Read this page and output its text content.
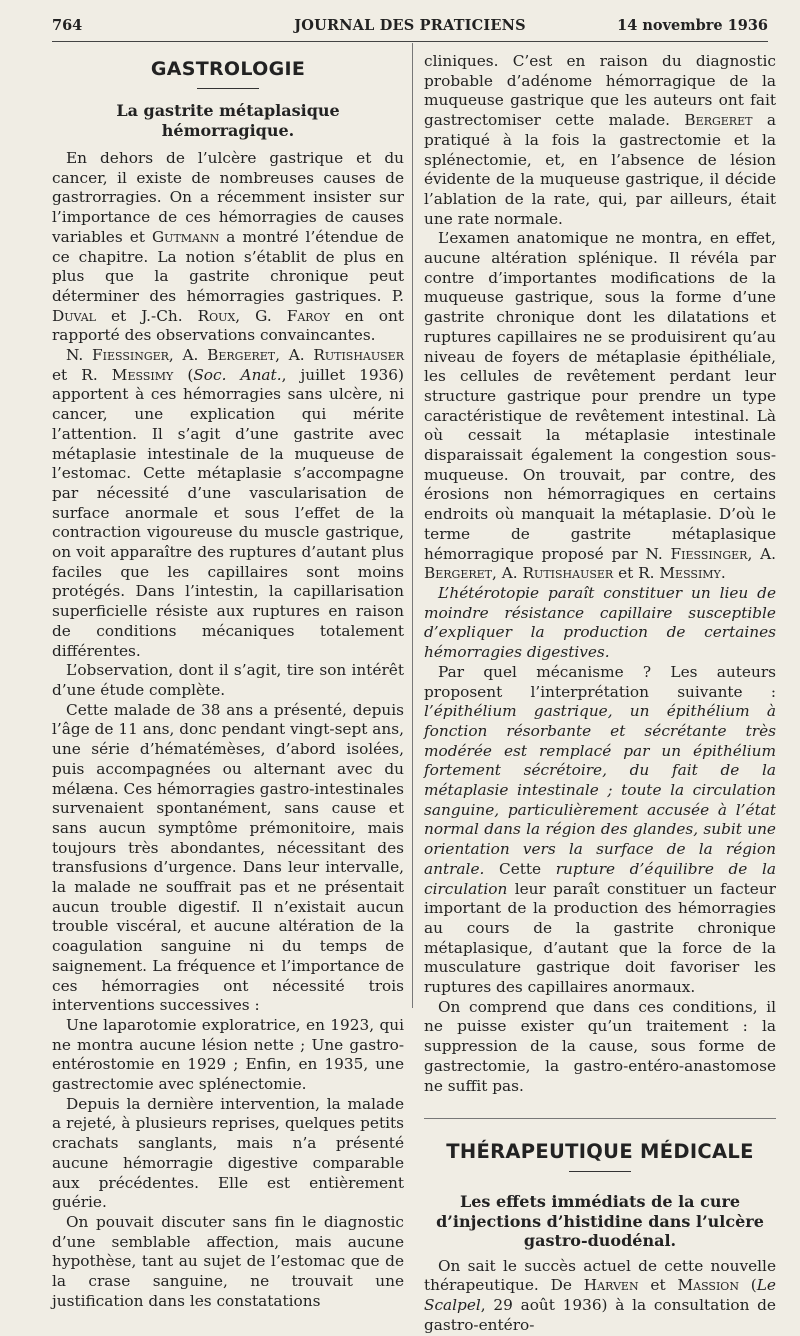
764	JOURNAL DES PRATICIENS	14 novembre 1936
GASTROLOGIE
La gastrite métaplasique hémorragique.

En dehors de l’ulcère gastrique et du cancer, il existe de nombreuses causes de gastrorragies. On a récemment insister sur l’importance de ces hémorragies de causes variables et Gutmann a montré l’étendue de ce chapitre. La notion s’établit de plus en plus que la gastrite chronique peut déterminer des hémorragies gastriques. P. Duval et J.-Ch. Roux, G. Faroy en ont rapporté des observations convaincantes.

N. Fiessinger, A. Bergeret, A. Rutishauser et R. Messimy (Soc. Anat., juillet 1936) apportent à ces hémorragies sans ulcère, ni cancer, une explication qui mérite l’attention. Il s’agit d’une gastrite avec métaplasie intestinale de la muqueuse de l’estomac. Cette métaplasie s’accompagne par nécessité d’une vascularisation de surface anormale et sous l’effet de la contraction vigoureuse du muscle gastrique, on voit apparaître des ruptures d’autant plus faciles que les capillaires sont moins protégés. Dans l’intestin, la capillarisation superficielle résiste aux ruptures en raison de conditions mécaniques totalement différentes.

L’observation, dont il s’agit, tire son intérêt d’une étude complète.

Cette malade de 38 ans a présenté, depuis l’âge de 11 ans, donc pendant vingt-sept ans, une série d’hématémèses, d’abord isolées, puis accompagnées ou alternant avec du mélæna. Ces hémorragies gastro-intestinales survenaient spontanément, sans cause et sans aucun symptôme prémonitoire, mais toujours très abondantes, nécessitant des transfusions d’urgence. Dans leur intervalle, la malade ne souffrait pas et ne présentait aucun trouble digestif. Il n’existait aucun trouble viscéral, et aucune altération de la coagulation sanguine ni du temps de saignement. La fréquence et l’importance de ces hémorragies ont nécessité trois interventions successives :

Une laparotomie exploratrice, en 1923, qui ne montra aucune lésion nette ; Une gastro-entérostomie en 1929 ; Enfin, en 1935, une gastrectomie avec splénectomie.

Depuis la dernière intervention, la malade a rejeté, à plusieurs reprises, quelques petits crachats sanglants, mais n’a présenté aucune hémorragie digestive comparable aux précédentes. Elle est entièrement guérie.

On pouvait discuter sans fin le diagnostic d’une semblable affection, mais aucune hypothèse, tant au sujet de l’estomac que de la crase sanguine, ne trouvait une justification dans les constatations

cliniques. C’est en raison du diagnostic probable d’adénome hémorragique de la muqueuse gastrique que les auteurs ont fait gastrectomiser cette malade. Bergeret a pratiqué à la fois la gastrectomie et la splénectomie, et, en l’absence de lésion évidente de la muqueuse gastrique, il décide l’ablation de la rate, qui, par ailleurs, était une rate normale.

L’examen anatomique ne montra, en effet, aucune altération splénique. Il révéla par contre d’importantes modifications de la muqueuse gastrique, sous la forme d’une gastrite chronique dont les dilatations et ruptures capillaires ne se produisirent qu’au niveau de foyers de métaplasie épithéliale, les cellules de revêtement perdant leur structure gastrique pour prendre un type caractéristique de revêtement intestinal. Là où cessait la métaplasie intestinale disparaissait également la congestion sous-muqueuse. On trouvait, par contre, des érosions non hémorragiques en certains endroits où manquait la métaplasie. D’où le terme de gastrite métaplasique hémorragique proposé par N. Fiessinger, A. Bergeret, A. Rutishauser et R. Messimy.

L’hétérotopie paraît constituer un lieu de moindre résistance capillaire susceptible d’expliquer la production de certaines hémorragies digestives.

Par quel mécanisme ? Les auteurs proposent l’interprétation suivante : l’épithélium gastrique, un épithélium à fonction résorbante et sécrétante très modérée est remplacé par un épithélium fortement sécrétoire, du fait de la métaplasie intestinale ; toute la circulation sanguine, particulièrement accusée à l’état normal dans la région des glandes, subit une orientation vers la surface de la région antrale. Cette rupture d’équilibre de la circulation leur paraît constituer un facteur important de la production des hémorragies au cours de la gastrite chronique métaplasique, d’autant que la force de la musculature gastrique doit favoriser les ruptures des capillaires anormaux.

On comprend que dans ces conditions, il ne puisse exister qu’un traitement : la suppression de la cause, sous forme de gastrectomie, la gastro-entéro-anastomose ne suffit pas.

THÉRAPEUTIQUE MÉDICALE
Les effets immédiats de la cure d’injections d’histidine dans l’ulcère gastro-duodénal.

On sait le succès actuel de cette nouvelle thérapeutique. De Harven et Massion (Le Scalpel, 29 août 1936) à la consultation de gastro-entéro-
